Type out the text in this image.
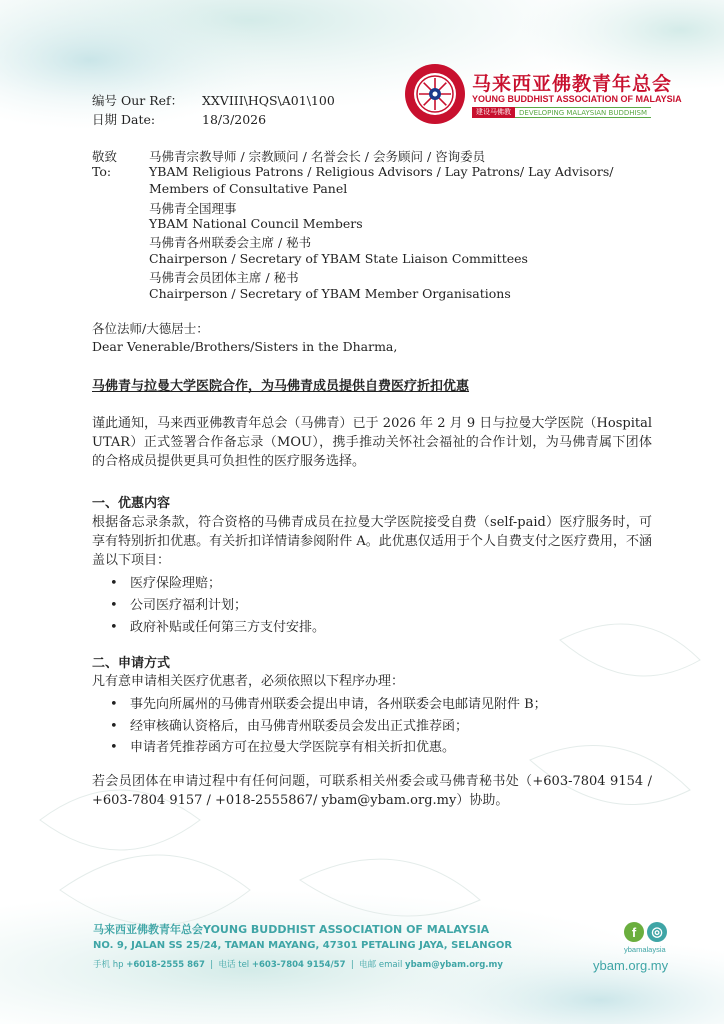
马来西亚佛教青年总会
YOUNG BUDDHIST ASSOCIATION OF MALAYSIA
建设马佛教	DEVELOPING MALAYSIAN BUDDHISM
编号 Our Ref： XXVIII\HQS\A01\100
日期 Date:	18/3/2026
敬致
To:
马佛青宗教导师 / 宗教顾问 / 名誉会长 / 会务顾问 / 咨询委员
YBAM Religious Patrons / Religious Advisors / Lay Patrons/ Lay Advisors/
Members of Consultative Panel
马佛青全国理事
YBAM National Council Members
马佛青各州联委会主席 / 秘书
Chairperson / Secretary of YBAM State Liaison Committees
马佛青会员团体主席 / 秘书
Chairperson / Secretary of YBAM Member Organisations
各位法师/大德居士：
Dear Venerable/Brothers/Sisters in the Dharma,
马佛青与拉曼大学医院合作，为马佛青成员提供自费医疗折扣优惠
谨此通知，马来西亚佛教青年总会（马佛青）已于 2026 年 2 月 9 日与拉曼大学医院（Hospital UTAR）正式签署合作备忘录（MOU），携手推动关怀社会福祉的合作计划，为马佛青属下团体的合格成员提供更具可负担性的医疗服务选择。
一、优惠内容
根据备忘录条款，符合资格的马佛青成员在拉曼大学医院接受自费（self-paid）医疗服务时，可享有特别折扣优惠。有关折扣详情请参阅附件 A。此优惠仅适用于个人自费支付之医疗费用，不涵盖以下项目：
• 医疗保险理赔；
• 公司医疗福利计划；
• 政府补贴或任何第三方支付安排。
二、申请方式
凡有意申请相关医疗优惠者，必须依照以下程序办理：
• 事先向所属州的马佛青州联委会提出申请，各州联委会电邮请见附件 B；
• 经审核确认资格后，由马佛青州联委员会发出正式推荐函；
• 申请者凭推荐函方可在拉曼大学医院享有相关折扣优惠。
若会员团体在申请过程中有任何问题，可联系相关州委会或马佛青秘书处（+603-7804 9154 / +603-7804 9157 / +018-2555867/ ybam@ybam.org.my）协助。
马来西亚佛教青年总会YOUNG BUDDHIST ASSOCIATION OF MALAYSIA
NO. 9, JALAN SS 25/24, TAMAN MAYANG, 47301 PETALING JAYA, SELANGOR
手机 hp +6018-2555 867  |  电话 tel +603-7804 9154/57  |  电邮 email ybam@ybam.org.my
f	◎
ybamalaysia
ybam.org.my
